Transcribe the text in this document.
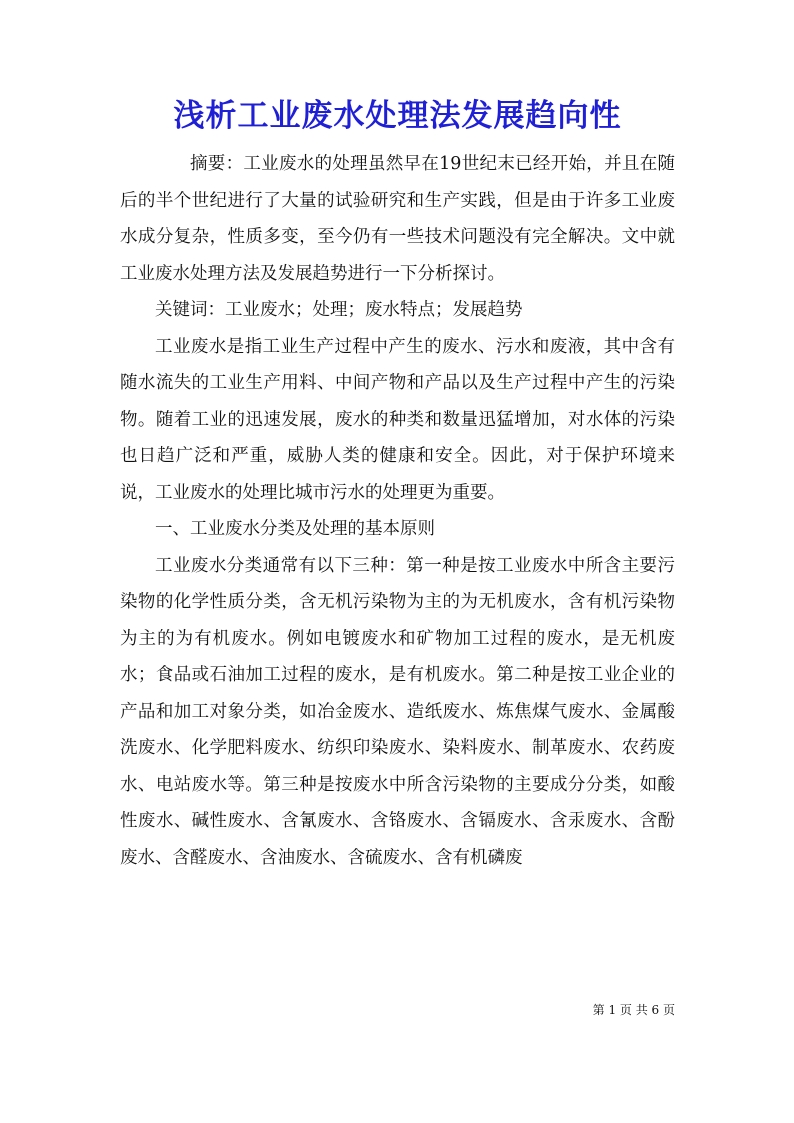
浅析工业废水处理法发展趋向性

摘要：工业废水的处理虽然早在19世纪末已经开始，并且在随后的半个世纪进行了大量的试验研究和生产实践，但是由于许多工业废水成分复杂，性质多变，至今仍有一些技术问题没有完全解决。文中就工业废水处理方法及发展趋势进行一下分析探讨。

关键词：工业废水；处理；废水特点；发展趋势

工业废水是指工业生产过程中产生的废水、污水和废液，其中含有随水流失的工业生产用料、中间产物和产品以及生产过程中产生的污染物。随着工业的迅速发展，废水的种类和数量迅猛增加，对水体的污染也日趋广泛和严重，威胁人类的健康和安全。因此，对于保护环境来说，工业废水的处理比城市污水的处理更为重要。

一、工业废水分类及处理的基本原则

工业废水分类通常有以下三种：第一种是按工业废水中所含主要污染物的化学性质分类，含无机污染物为主的为无机废水，含有机污染物为主的为有机废水。例如电镀废水和矿物加工过程的废水，是无机废水；食品或石油加工过程的废水，是有机废水。第二种是按工业企业的产品和加工对象分类，如冶金废水、造纸废水、炼焦煤气废水、金属酸洗废水、化学肥料废水、纺织印染废水、染料废水、制革废水、农药废水、电站废水等。第三种是按废水中所含污染物的主要成分分类，如酸性废水、碱性废水、含氰废水、含铬废水、含镉废水、含汞废水、含酚废水、含醛废水、含油废水、含硫废水、含有机磷废

第 1 页 共 6 页
